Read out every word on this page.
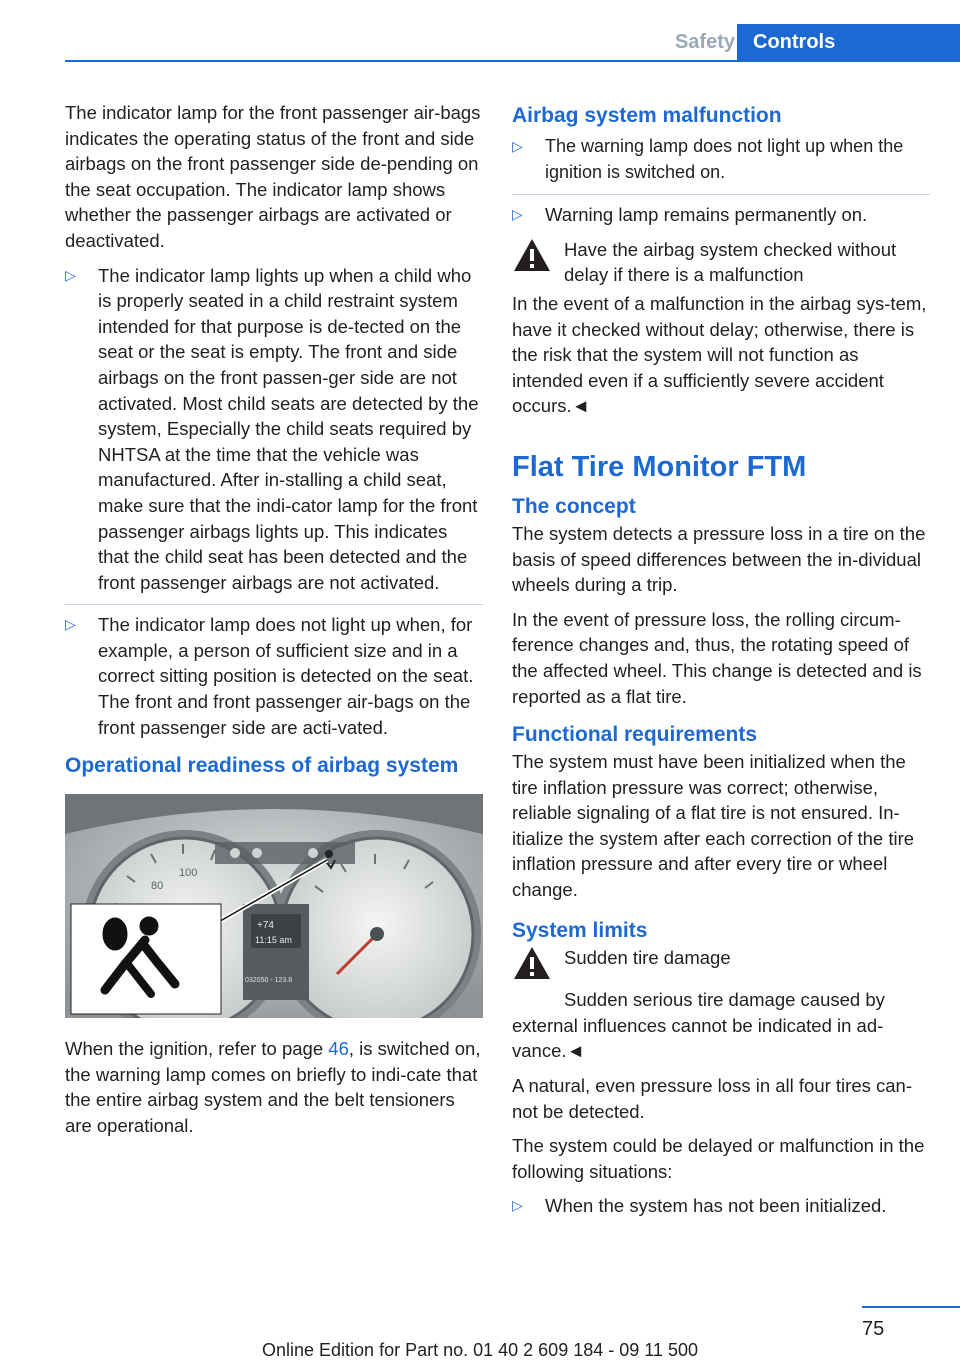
Safety Controls

The indicator lamp for the front passenger air-bags indicates the operating status of the front and side airbags on the front passenger side de-pending on the seat occupation. The indicator lamp shows whether the passenger airbags are activated or deactivated.

▷	The indicator lamp lights up when a child who is properly seated in a child restraint system intended for that purpose is de-tected on the seat or the seat is empty. The front and side airbags on the front passen-ger side are not activated. Most child seats are detected by the system, Especially the child seats required by NHTSA at the time that the vehicle was manufactured. After in-stalling a child seat, make sure that the indi-cator lamp for the front passenger airbags lights up. This indicates that the child seat has been detected and the front passenger airbags are not activated.
▷	The indicator lamp does not light up when, for example, a person of sufficient size and in a correct sitting position is detected on the seat. The front and front passenger air-bags on the front passenger side are acti-vated.
Operational readiness of airbag system
80
100
+74
11:15 am
032050 - 123.8

When the ignition, refer to page 46, is switched on, the warning lamp comes on briefly to indi-cate that the entire airbag system and the belt tensioners are operational.

Airbag system malfunction
▷	The warning lamp does not light up when the ignition is switched on.
▷	Warning lamp remains permanently on.
Have the airbag system checked without delay if there is a malfunction

In the event of a malfunction in the airbag sys-tem, have it checked without delay; otherwise, there is the risk that the system will not function as intended even if a sufficiently severe accident occurs.◄

Flat Tire Monitor FTM
The concept

The system detects a pressure loss in a tire on the basis of speed differences between the in-dividual wheels during a trip.

In the event of pressure loss, the rolling circum-ference changes and, thus, the rotating speed of the affected wheel. This change is detected and is reported as a flat tire.

Functional requirements

The system must have been initialized when the tire inflation pressure was correct; otherwise, reliable signaling of a flat tire is not ensured. In-itialize the system after each correction of the tire inflation pressure and after every tire or wheel change.

System limits
Sudden tire damage

Sudden serious tire damage caused by external influences cannot be indicated in ad-vance.◄

A natural, even pressure loss in all four tires can-not be detected.

The system could be delayed or malfunction in the following situations:

▷	When the system has not been initialized.
75
Online Edition for Part no. 01 40 2 609 184 - 09 11 500
